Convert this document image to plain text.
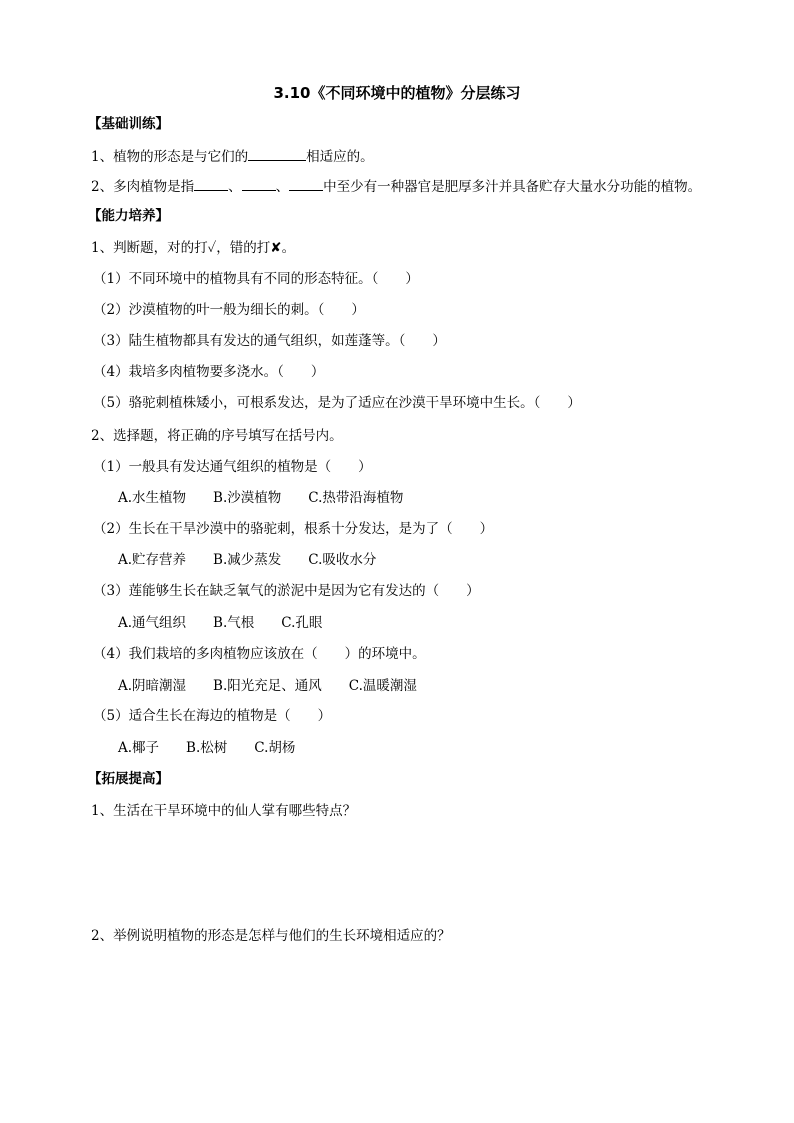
3.10《不同环境中的植物》分层练习
【基础训练】
1、植物的形态是与它们的	相适应的。
2、多肉植物是指	、	、	中至少有一种器官是肥厚多汁并具备贮存大量水分功能的植物。
【能力培养】
1、判断题，对的打✓，错的打✘。
（1）不同环境中的植物具有不同的形态特征。（　　）
（2）沙漠植物的叶一般为细长的刺。（　　）
（3）陆生植物都具有发达的通气组织，如莲蓬等。（　　）
（4）栽培多肉植物要多浇水。（　　）
（5）骆驼刺植株矮小，可根系发达，是为了适应在沙漠干旱环境中生长。（　　）
2、选择题，将正确的序号填写在括号内。
（1）一般具有发达通气组织的植物是（　　）
A.水生植物　　B.沙漠植物　　C.热带沿海植物
（2）生长在干旱沙漠中的骆驼刺，根系十分发达，是为了（　　）
A.贮存营养　　B.减少蒸发　　C.吸收水分
（3）莲能够生长在缺乏氧气的淤泥中是因为它有发达的（　　）
A.通气组织　　B.气根　　C.孔眼
（4）我们栽培的多肉植物应该放在（　　）的环境中。
A.阴暗潮湿　　B.阳光充足、通风　　C.温暖潮湿
（5）适合生长在海边的植物是（　　）
A.椰子　　B.松树　　C.胡杨
【拓展提高】
1、生活在干旱环境中的仙人掌有哪些特点？
2、举例说明植物的形态是怎样与他们的生长环境相适应的？
